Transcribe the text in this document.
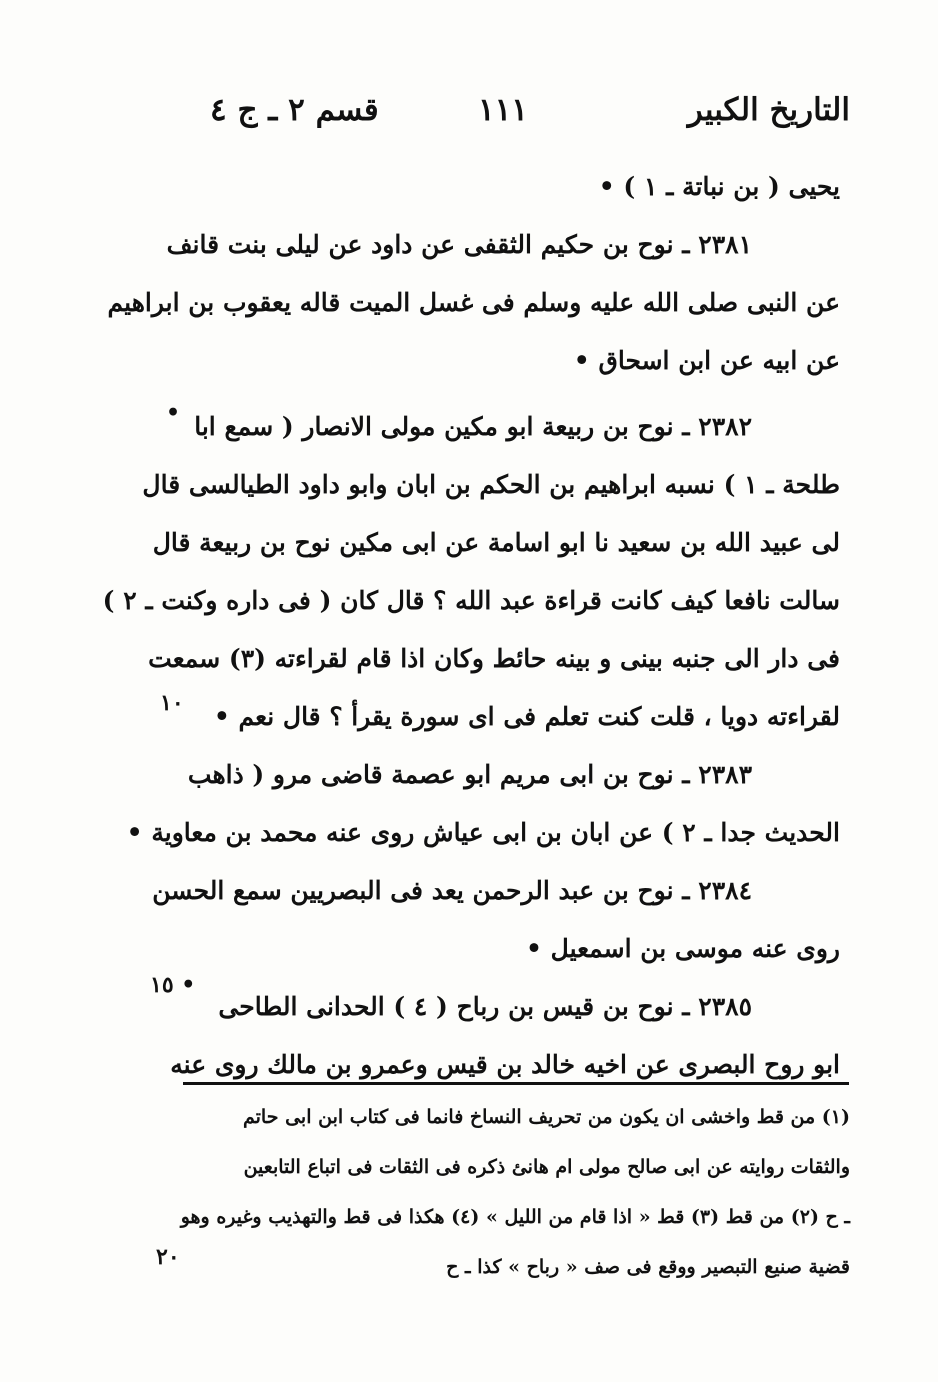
التاريخ الكبير
١١١
قسم ٢ ـ ج ٤
يحيى ( بن نباتة ـ ١ ) •
٢٣٨١ ـ نوح بن حكيم الثقفى عن داود عن ليلى بنت قانف
عن النبى صلى الله عليه وسلم فى غسل الميت قاله يعقوب بن ابراهيم
عن ابيه عن ابن اسحاق •
٢٣٨٢ ـ نوح بن ربيعة ابو مكين مولى الانصار ( سمع ابا
طلحة ـ ١ ) نسبه ابراهيم بن الحكم بن ابان وابو داود الطيالسى قال
لى عبيد الله بن سعيد نا ابو اسامة عن ابى مكين نوح بن ربيعة قال
سالت نافعا كيف كانت قراءة عبد الله ؟ قال كان ( فى داره وكنت ـ ٢ )
فى دار الى جنبه بينى و بينه حائط وكان اذا قام لقراءته (٣) سمعت
لقراءته دويا ، قلت كنت تعلم فى اى سورة يقرأ ؟ قال نعم •
٢٣٨٣ ـ نوح بن ابى مريم ابو عصمة قاضى مرو ( ذاهب
الحديث جدا ـ ٢ ) عن ابان بن ابى عياش روى عنه محمد بن معاوية •
٢٣٨٤ ـ نوح بن عبد الرحمن يعد فى البصريين سمع الحسن
روى عنه موسى بن اسمعيل •
٢٣٨٥ ـ نوح بن قيس بن رباح ( ٤ ) الحدانى الطاحى
ابو روح البصرى عن اخيه خالد بن قيس وعمرو بن مالك روى عنه
•
١٠
١٥ •
٢٠
(١) من قط واخشى ان يكون من تحريف النساخ فانما فى كتاب ابن ابى حاتم
والثقات روايته عن ابى صالح مولى ام هانئ ذكره فى الثقات فى اتباع التابعين
ـ ح (٢) من قط (٣) قط « اذا قام من الليل » (٤) هكذا فى قط والتهذيب وغيره وهو
قضية صنيع التبصير ووقع فى صف « رباح » كذا ـ ح
